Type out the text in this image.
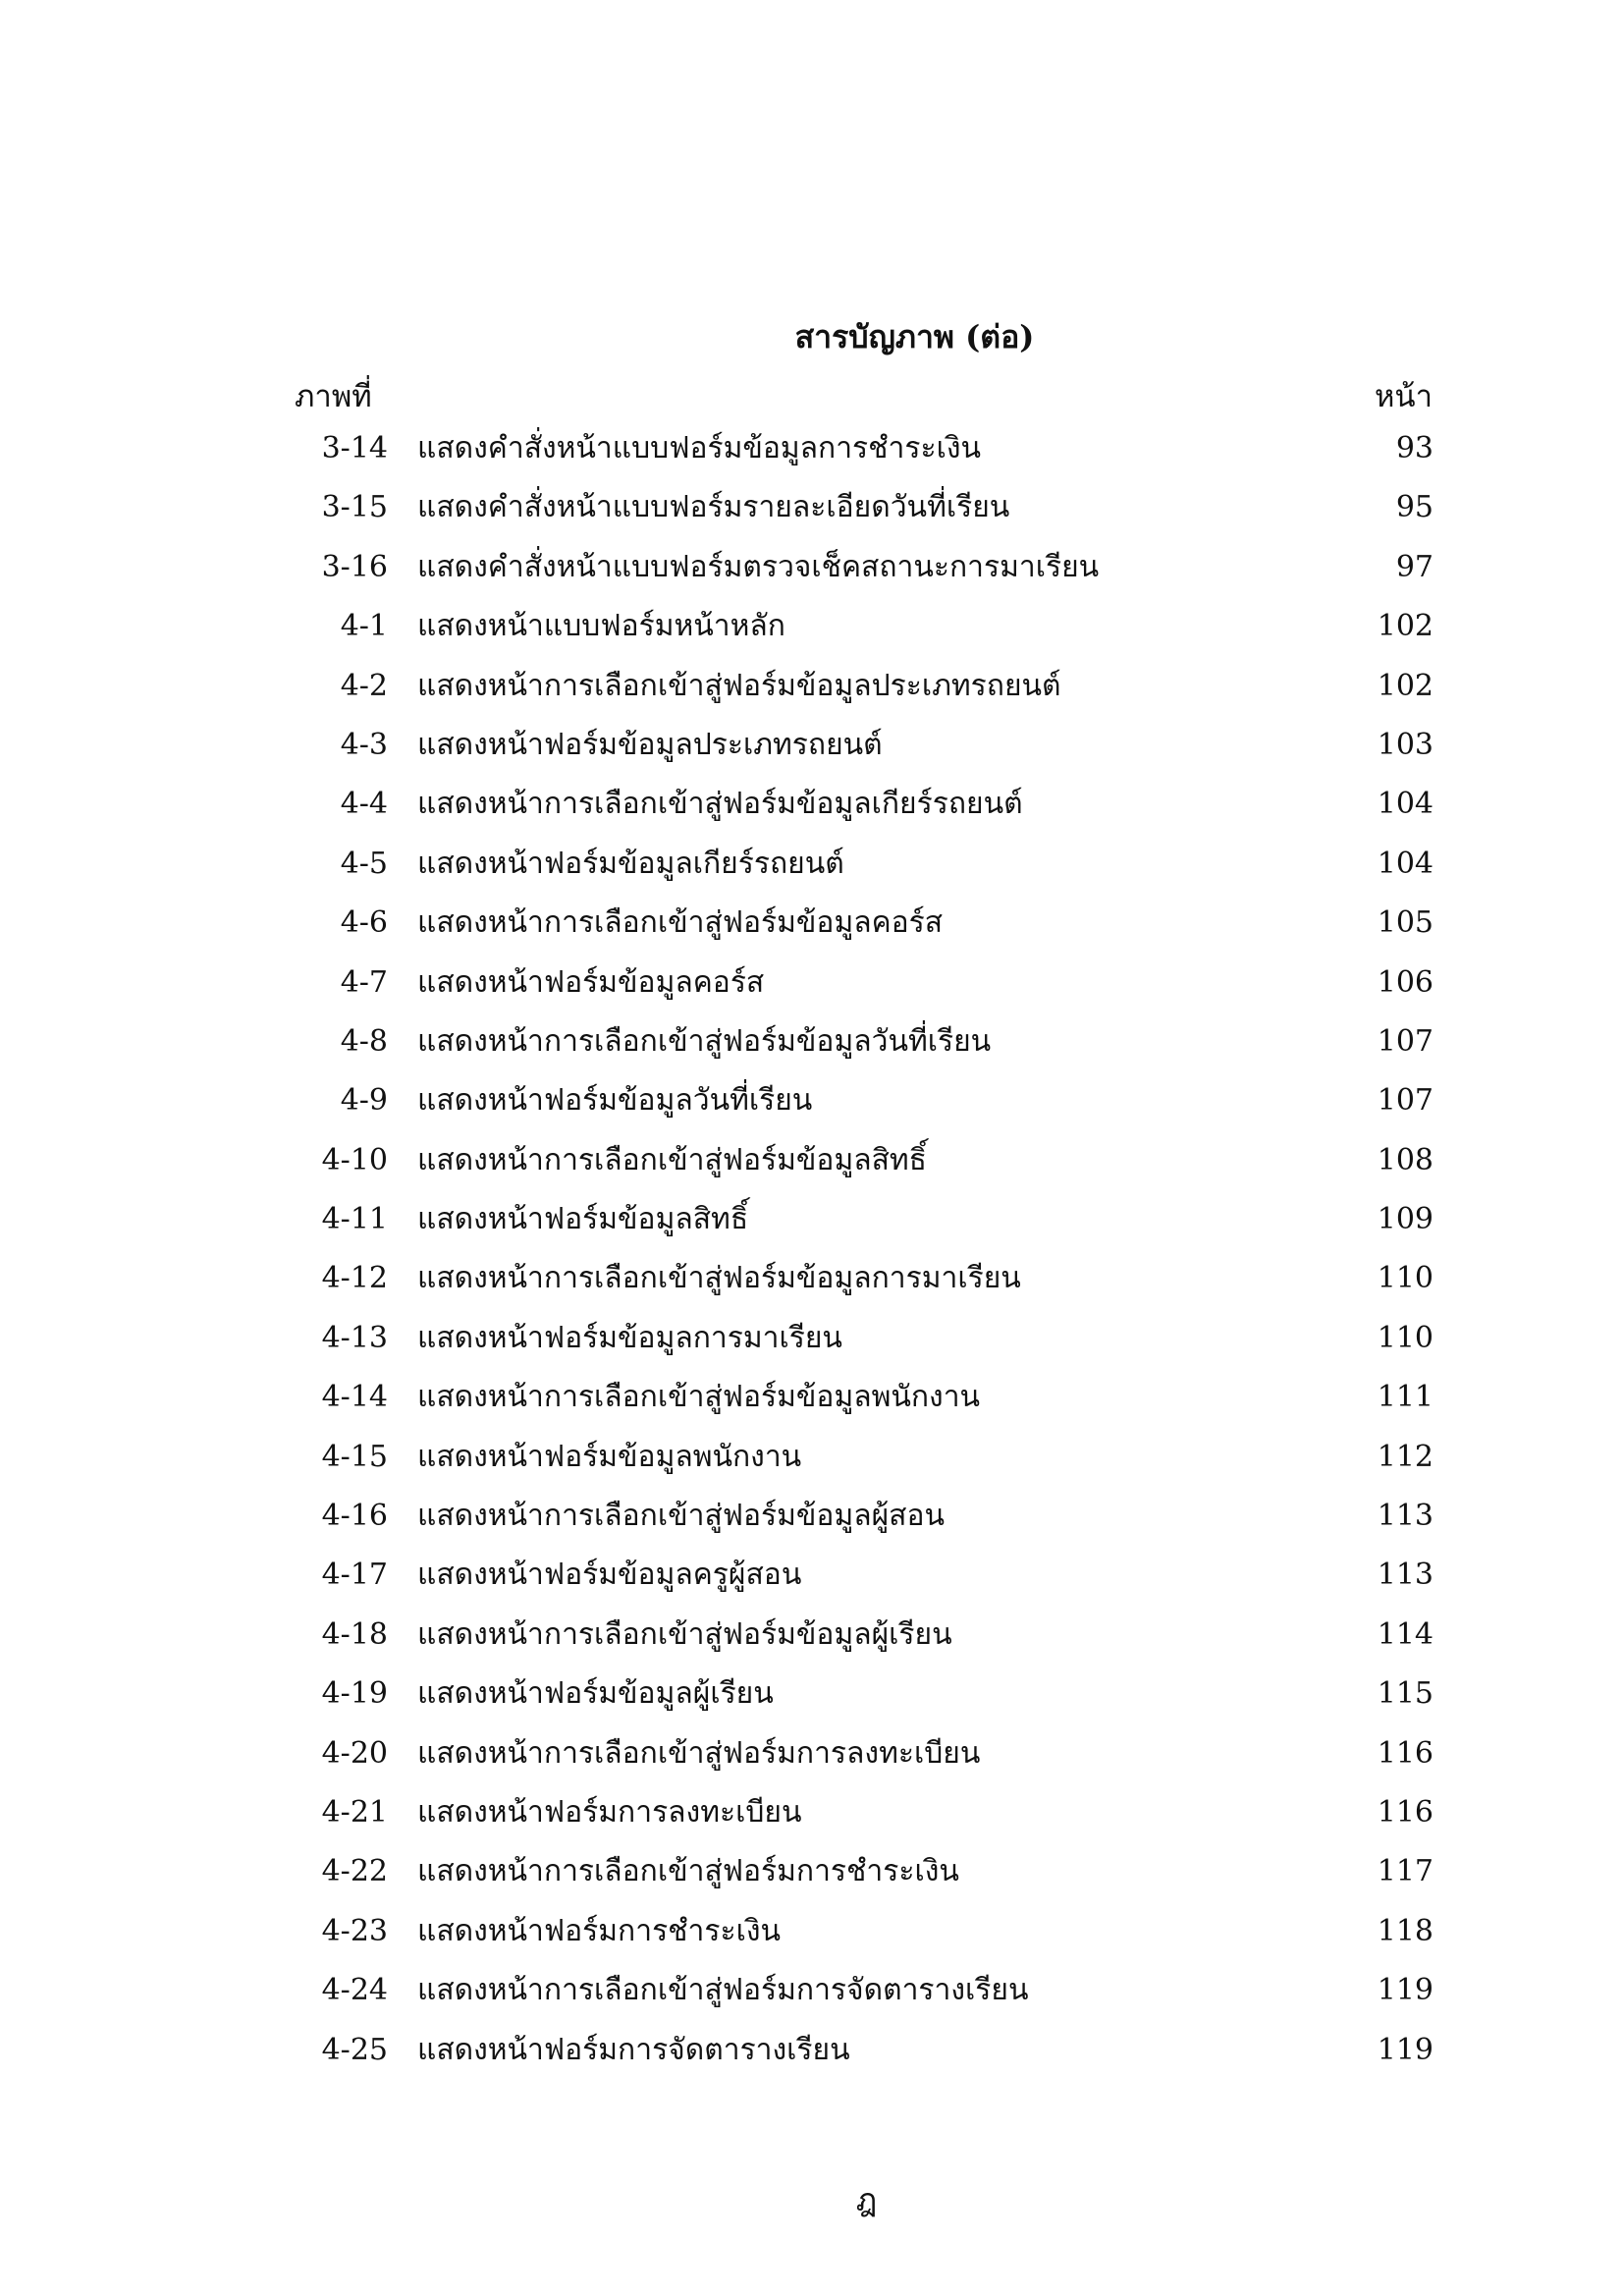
สารบัญภาพ (ต่อ)
ภาพที่	หน้า
3-14 แสดงคำสั่งหน้าแบบฟอร์มข้อมูลการชำระเงิน	93
3-15 แสดงคำสั่งหน้าแบบฟอร์มรายละเอียดวันที่เรียน	95
3-16 แสดงคำสั่งหน้าแบบฟอร์มตรวจเช็คสถานะการมาเรียน	97
4-1 แสดงหน้าแบบฟอร์มหน้าหลัก	102
4-2 แสดงหน้าการเลือกเข้าสู่ฟอร์มข้อมูลประเภทรถยนต์	102
4-3 แสดงหน้าฟอร์มข้อมูลประเภทรถยนต์	103
4-4 แสดงหน้าการเลือกเข้าสู่ฟอร์มข้อมูลเกียร์รถยนต์	104
4-5 แสดงหน้าฟอร์มข้อมูลเกียร์รถยนต์	104
4-6 แสดงหน้าการเลือกเข้าสู่ฟอร์มข้อมูลคอร์ส	105
4-7 แสดงหน้าฟอร์มข้อมูลคอร์ส	106
4-8 แสดงหน้าการเลือกเข้าสู่ฟอร์มข้อมูลวันที่เรียน	107
4-9 แสดงหน้าฟอร์มข้อมูลวันที่เรียน	107
4-10 แสดงหน้าการเลือกเข้าสู่ฟอร์มข้อมูลสิทธิ์	108
4-11 แสดงหน้าฟอร์มข้อมูลสิทธิ์	109
4-12 แสดงหน้าการเลือกเข้าสู่ฟอร์มข้อมูลการมาเรียน	110
4-13 แสดงหน้าฟอร์มข้อมูลการมาเรียน	110
4-14 แสดงหน้าการเลือกเข้าสู่ฟอร์มข้อมูลพนักงาน	111
4-15 แสดงหน้าฟอร์มข้อมูลพนักงาน	112
4-16 แสดงหน้าการเลือกเข้าสู่ฟอร์มข้อมูลผู้สอน	113
4-17 แสดงหน้าฟอร์มข้อมูลครูผู้สอน	113
4-18 แสดงหน้าการเลือกเข้าสู่ฟอร์มข้อมูลผู้เรียน	114
4-19 แสดงหน้าฟอร์มข้อมูลผู้เรียน	115
4-20 แสดงหน้าการเลือกเข้าสู่ฟอร์มการลงทะเบียน	116
4-21 แสดงหน้าฟอร์มการลงทะเบียน	116
4-22 แสดงหน้าการเลือกเข้าสู่ฟอร์มการชำระเงิน	117
4-23 แสดงหน้าฟอร์มการชำระเงิน	118
4-24 แสดงหน้าการเลือกเข้าสู่ฟอร์มการจัดตารางเรียน	119
4-25 แสดงหน้าฟอร์มการจัดตารางเรียน	119
ฎ
